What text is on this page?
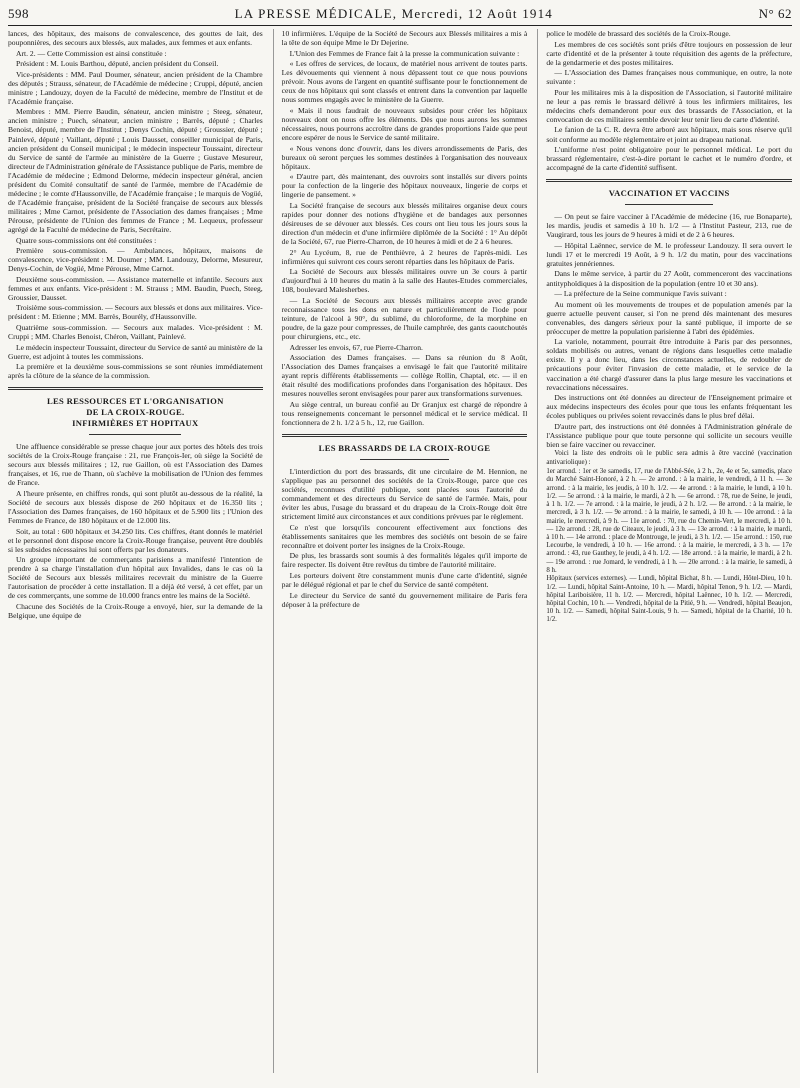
598	LA PRESSE MÉDICALE, Mercredi, 12 Août 1914	N° 62

lances, des hôpitaux, des maisons de convalescence, des gouttes de lait, des pouponnières, des secours aux blessés, aux malades, aux femmes et aux enfants.

Art. 2. — Cette Commission est ainsi constituée :

Président : M. Louis Barthou, député, ancien président du Conseil.

Vice-présidents : MM. Paul Doumer, sénateur, ancien président de la Chambre des députés ; Strauss, sénateur, de l'Académie de médecine ; Cruppi, député, ancien ministre ; Landouzy, doyen de la Faculté de médecine, membre de l'Institut et de l'Académie française.

Membres : MM. Pierre Baudin, sénateur, ancien ministre ; Steeg, sénateur, ancien ministre ; Puech, sénateur, ancien ministre ; Barrès, député ; Charles Benoist, député, membre de l'Institut ; Denys Cochin, député ; Groussier, député ; Painlevé, député ; Vaillant, député ; Louis Dausset, conseiller municipal de Paris, ancien président du Conseil municipal ; le médecin inspecteur Toussaint, directeur du Service de santé de l'armée au ministère de la Guerre ; Gustave Mesureur, directeur de l'Administration générale de l'Assistance publique de Paris, membre de l'Académie de médecine ; Edmond Delorme, médecin inspecteur général, ancien président du Comité consultatif de santé de l'armée, membre de l'Académie de médecine ; le comte d'Haussonville, de l'Académie française ; le marquis de Vogüé, de l'Académie française, président de la Société française de secours aux blessés militaires ; Mme Carnot, présidente de l'Association des dames françaises ; Mme Pérouse, présidente de l'Union des femmes de France ; M. Lequeux, professeur agrégé de la Faculté de médecine de Paris, Secrétaire.

Quatre sous-commissions ont été constituées :

Première sous-commission. — Ambulances, hôpitaux, maisons de convalescence, vice-président : M. Doumer ; MM. Landouzy, Delorme, Mesureur, Denys-Cochin, de Vogüé, Mme Pérouse, Mme Carnot.

Deuxième sous-commission. — Assistance maternelle et infantile. Secours aux femmes et aux enfants. Vice-président : M. Strauss ; MM. Baudin, Puech, Steeg, Groussier, Dausset.

Troisième sous-commission. — Secours aux blessés et dons aux militaires. Vice-président : M. Etienne ; MM. Barrès, Bourély, d'Haussonville.

Quatrième sous-commission. — Secours aux malades. Vice-président : M. Cruppi ; MM. Charles Benoist, Chéron, Vaillant, Painlevé.

Le médecin inspecteur Toussaint, directeur du Service de santé au ministère de la Guerre, est adjoint à toutes les commissions.

La première et la deuxième sous-commissions se sont réunies immédiatement après la clôture de la séance de la commission.

LES RESSOURCES ET L'ORGANISATION
DE LA CROIX-ROUGE.
INFIRMIÈRES ET HOPITAUX

Une affluence considérable se presse chaque jour aux portes des hôtels des trois sociétés de la Croix-Rouge française : 21, rue François-Ier, où siège la Société de secours aux blessés militaires ; 12, rue Gaillon, où est l'Association des Dames françaises, et 16, rue de Thann, où s'achève la mobilisation de l'Union des femmes de France.

A l'heure présente, en chiffres ronds, qui sont plutôt au-dessous de la réalité, la Société de secours aux blessés dispose de 260 hôpitaux et de 16.350 lits ; l'Association des Dames françaises, de 160 hôpitaux et de 5.900 lits ; l'Union des Femmes de France, de 180 hôpitaux et de 12.000 lits.

Soit, au total : 600 hôpitaux et 34.250 lits. Ces chiffres, étant donnés le matériel et le personnel dont dispose encore la Croix-Rouge française, peuvent être doublés si les subsides nécessaires lui sont offerts par les donateurs.

Un groupe important de commerçants parisiens a manifesté l'intention de prendre à sa charge l'installation d'un hôpital aux Invalides, dans le cas où la Société de Secours aux blessés militaires recevrait du ministre de la Guerre l'autorisation de procéder à cette installation. Il a déjà été versé, à cet effet, par un de ces commerçants, une somme de 10.000 francs entre les mains de la Société.

Chacune des Sociétés de la Croix-Rouge a envoyé, hier, sur la demande de la Belgique, une équipe de

10 infirmières. L'équipe de la Société de Secours aux Blessés militaires a mis à la tête de son équipe Mme le Dr Dejerine.

L'Union des Femmes de France fait à la presse la communication suivante :

« Les offres de services, de locaux, de matériel nous arrivent de toutes parts. Les dévouements qui viennent à nous dépassent tout ce que nous pouvions prévoir. Nous avons de l'argent en quantité suffisante pour le fonctionnement de ceux de nos hôpitaux qui sont classés et entrent dans la convention par laquelle nous sommes engagés avec le ministère de la Guerre.

« Mais il nous faudrait de nouveaux subsides pour créer les hôpitaux nouveaux dont on nous offre les éléments. Dès que nous aurons les sommes nécessaires, nous pourrons accroître dans de grandes proportions l'aide que peut encore espérer de nous le Service de santé militaire.

« Nous venons donc d'ouvrir, dans les divers arrondissements de Paris, des bureaux où seront perçues les sommes destinées à l'organisation des nouveaux hôpitaux.

« D'autre part, dès maintenant, des ouvroirs sont installés sur divers points pour la confection de la lingerie des hôpitaux nouveaux, lingerie de corps et lingerie de pansement. »

La Société française de secours aux blessés militaires organise deux cours rapides pour donner des notions d'hygiène et de bandages aux personnes désireuses de se dévouer aux blessés. Ces cours ont lieu tous les jours sous la direction d'un médecin et d'une infirmière diplômée de la Société : 1° Au dépôt de la Société, 67, rue Pierre-Charron, de 10 heures à midi et de 2 à 6 heures.

2° Au Lycéum, 8, rue de Penthièvre, à 2 heures de l'après-midi. Les infirmières qui suivront ces cours seront réparties dans les hôpitaux de Paris.

La Société de Secours aux blessés militaires ouvre un 3e cours à partir d'aujourd'hui à 10 heures du matin à la salle des Hautes-Etudes commerciales, 108, boulevard Malesherbes.

— La Société de Secours aux blessés militaires accepte avec grande reconnaissance tous les dons en nature et particulièrement de l'iode pour teinture, de l'alcool à 90°, du sublimé, du chloroforme, de la morphine en poudre, de la gaze pour compresses, de l'huile camphrée, des gants caoutchoutés pour chirurgiens, etc., etc.

Adresser les envois, 67, rue Pierre-Charron.

Association des Dames françaises. — Dans sa réunion du 8 Août, l'Association des Dames françaises a envisagé le fait que l'autorité militaire ayant repris différents établissements — collège Rollin, Chaptal, etc. — il en était résulté des modifications profondes dans l'organisation des hôpitaux. Des mesures nouvelles seront envisagées pour parer aux transformations survenues.

Au siège central, un bureau confié au Dr Granjux est chargé de répondre à tous renseignements concernant le personnel médical et le service médical. Il fonctionnera de 2 h. 1/2 à 5 h., 12, rue Gaillon.

LES BRASSARDS DE LA CROIX-ROUGE

L'interdiction du port des brassards, dit une circulaire de M. Hennion, ne s'applique pas au personnel des sociétés de la Croix-Rouge, parce que ces sociétés, reconnues d'utilité publique, sont placées sous l'autorité du commandement et des directeurs du Service de santé de l'armée. Mais, pour éviter les abus, l'usage du brassard et du drapeau de la Croix-Rouge doit être strictement limité aux circonstances et aux conditions prévues par le règlement.

Ce n'est que lorsqu'ils concourent effectivement aux fonctions des établissements sanitaires que les membres des sociétés ont besoin de se faire reconnaître et doivent porter les insignes de la Croix-Rouge.

De plus, les brassards sont soumis à des formalités légales qu'il importe de faire respecter. Ils doivent être revêtus du timbre de l'autorité militaire.

Les porteurs doivent être constamment munis d'une carte d'identité, signée par le délégué régional et par le chef du Service de santé compétent.

Le directeur du Service de santé du gouvernement militaire de Paris fera déposer à la préfecture de

police le modèle de brassard des sociétés de la Croix-Rouge.

Les membres de ces sociétés sont priés d'être toujours en possession de leur carte d'identité et de la présenter à toute réquisition des agents de la préfecture, de la gendarmerie et des postes militaires.

— L'Association des Dames françaises nous communique, en outre, la note suivante :

Pour les militaires mis à la disposition de l'Association, si l'autorité militaire ne leur a pas remis le brassard délivré à tous les infirmiers militaires, les médecins chefs demanderont pour eux des brassards de l'Association, et la convocation de ces militaires semble devoir leur tenir lieu de carte d'identité.

Le fanion de la C. R. devra être arboré aux hôpitaux, mais sous réserve qu'il soit conforme au modèle réglementaire et joint au drapeau national.

L'uniforme n'est point obligatoire pour le personnel médical. Le port du brassard réglementaire, c'est-à-dire portant le cachet et le numéro d'ordre, et accompagné de la carte d'identité suffisent.

VACCINATION ET VACCINS

— On peut se faire vacciner à l'Académie de médecine (16, rue Bonaparte), les mardis, jeudis et samedis à 10 h. 1/2 — à l'Institut Pasteur, 213, rue de Vaugirard, tous les jours de 9 heures à midi et de 2 à 6 heures.

— Hôpital Laënnec, service de M. le professeur Landouzy. Il sera ouvert le lundi 17 et le mercredi 19 Août, à 9 h. 1/2 du matin, pour des vaccinations gratuites jennériennes.

Dans le même service, à partir du 27 Août, commenceront des vaccinations antityphoïdiques à la disposition de la population (entre 10 et 30 ans).

— La préfecture de la Seine communique l'avis suivant :

Au moment où les mouvements de troupes et de population amenés par la guerre actuelle peuvent causer, si l'on ne prend dès maintenant des mesures convenables, des dangers sérieux pour la santé publique, il importe de se préoccuper de mettre la population parisienne à l'abri des épidémies.

La variole, notamment, pourrait être introduite à Paris par des personnes, soldats mobilisés ou autres, venant de régions dans lesquelles cette maladie existe. Il y a donc lieu, dans les circonstances actuelles, de redoubler de précautions pour éviter l'invasion de cette maladie, et le service de la vaccination a été chargé d'assurer dans la plus large mesure les vaccinations et revaccinations nécessaires.

Des instructions ont été données au directeur de l'Enseignement primaire et aux médecins inspecteurs des écoles pour que tous les enfants fréquentant les écoles publiques ou privées soient revaccinés dans le plus bref délai.

D'autre part, des instructions ont été données à l'Administration générale de l'Assistance publique pour que toute personne qui sollicite un secours veuille bien se faire vacciner ou revacciner.

Voici la liste des endroits où le public sera admis à être vacciné (vaccination antivariolique) :

1er arrond. : 1er et 3e samedis, 17, rue de l'Abbé-Sée, à 2 h., 2e, 4e et 5e, samedis, place du Marché Saint-Honoré, à 2 h. — 2e arrond. : à la mairie, le vendredi, à 11 h. — 3e arrond. : à la mairie, les jeudis, à 10 h. 1/2. — 4e arrond. : à la mairie, le lundi, à 10 h. 1/2. — 5e arrond. : à la mairie, le mardi, à 2 h. — 6e arrond. : 78, rue de Seine, le jeudi, à 1 h. 1/2. — 7e arrond. : à la mairie, le jeudi, à 2 h. 1/2. — 8e arrond. : à la mairie, le mercredi, à 3 h. 1/2. — 9e arrond. : à la mairie, le samedi, à 10 h. — 10e arrond. : à la mairie, le mercredi, à 9 h. — 11e arrond. : 70, rue du Chemin-Vert, le mercredi, à 10 h. — 12e arrond. : 28, rue de Citeaux, le jeudi, à 3 h. — 13e arrond. : à la mairie, le mardi, à 10 h. — 14e arrond. : place de Montrouge, le jeudi, à 3 h. 1/2. — 15e arrond. : 150, rue Lecourbe, le vendredi, à 10 h. — 16e arrond. : à la mairie, le mercredi, à 3 h. — 17e arrond. : 43, rue Gauthey, le jeudi, à 4 h. 1/2. — 18e arrond. : à la mairie, le mardi, à 2 h. — 19e arrond. : rue Jomard, le vendredi, à 1 h. — 20e arrond. : à la mairie, le samedi, à 8 h.

Hôpitaux (services externes). — Lundi, hôpital Bichat, 8 h. — Lundi, Hôtel-Dieu, 10 h. 1/2. — Lundi, hôpital Saint-Antoine, 10 h. — Mardi, hôpital Tenon, 9 h. 1/2. — Mardi, hôpital Lariboisière, 11 h. 1/2. — Mercredi, hôpital Laënnec, 10 h. 1/2. — Mercredi, hôpital Cochin, 10 h. — Vendredi, hôpital de la Pitié, 9 h. — Vendredi, hôpital Beaujon, 10 h. 1/2. — Samedi, hôpital Saint-Louis, 9 h. — Samedi, hôpital de la Charité, 10 h. 1/2.
